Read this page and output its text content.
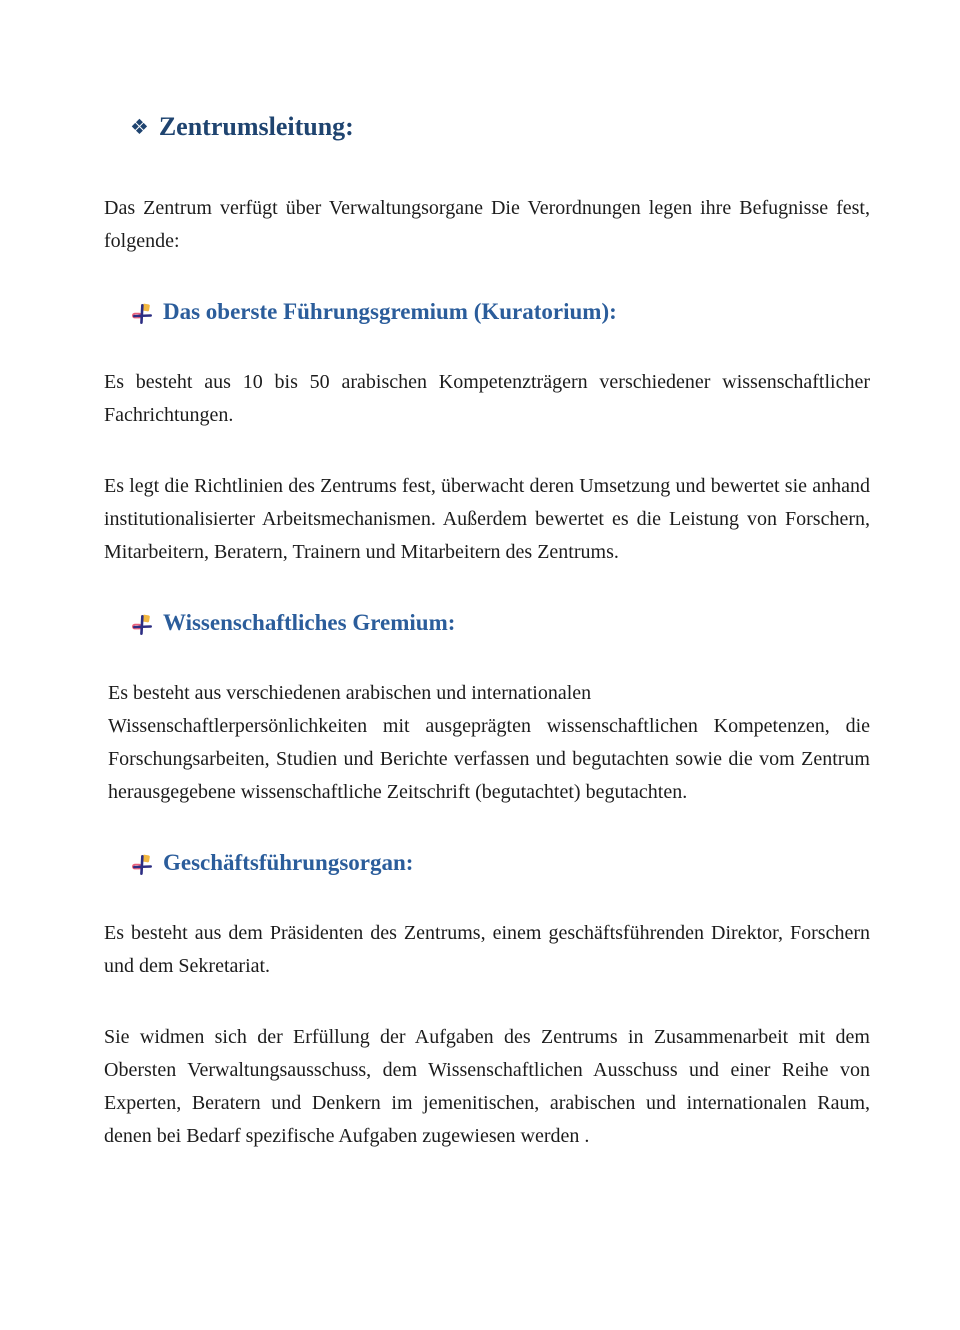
❖ Zentrumsleitung:

Das Zentrum verfügt über Verwaltungsorgane Die Verordnungen legen ihre Befugnisse fest, folgende:

Das oberste Führungsgremium (Kuratorium):

Es besteht aus 10 bis 50 arabischen Kompetenzträgern verschiedener wissenschaftlicher Fachrichtungen.

Es legt die Richtlinien des Zentrums fest, überwacht deren Umsetzung und bewertet sie anhand institutionalisierter Arbeitsmechanismen. Außerdem bewertet es die Leistung von Forschern, Mitarbeitern, Beratern, Trainern und Mitarbeitern des Zentrums.

Wissenschaftliches Gremium:
Es besteht aus verschiedenen arabischen und internationalen

Wissenschaftlerpersönlichkeiten mit ausgeprägten wissenschaftlichen Kompetenzen, die Forschungsarbeiten, Studien und Berichte verfassen und begutachten sowie die vom Zentrum herausgegebene wissenschaftliche Zeitschrift (begutachtet) begutachten.

Geschäftsführungsorgan:

Es besteht aus dem Präsidenten des Zentrums, einem geschäftsführenden Direktor, Forschern und dem Sekretariat.

Sie widmen sich der Erfüllung der Aufgaben des Zentrums in Zusammenarbeit mit dem Obersten Verwaltungsausschuss, dem Wissenschaftlichen Ausschuss und einer Reihe von Experten, Beratern und Denkern im jemenitischen, arabischen und internationalen Raum, denen bei Bedarf spezifische Aufgaben zugewiesen werden .
